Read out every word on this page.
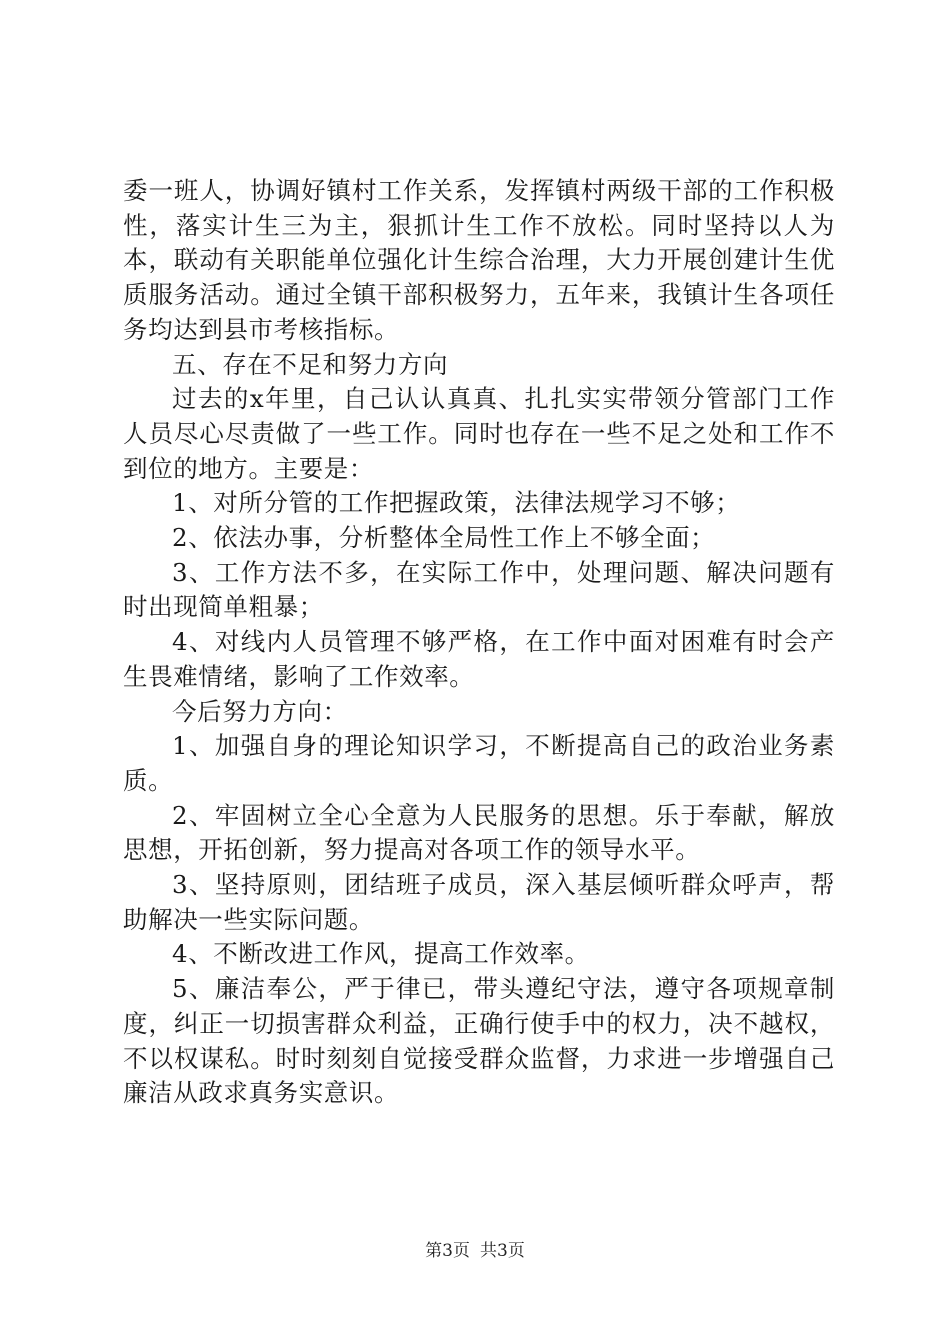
委一班人，协调好镇村工作关系，发挥镇村两级干部的工作积极性，落实计生三为主，狠抓计生工作不放松。同时坚持以人为本，联动有关职能单位强化计生综合治理，大力开展创建计生优质服务活动。通过全镇干部积极努力，五年来，我镇计生各项任务均达到县市考核指标。

五、存在不足和努力方向

过去的x年里，自己认认真真、扎扎实实带领分管部门工作人员尽心尽责做了一些工作。同时也存在一些不足之处和工作不到位的地方。主要是：

1、对所分管的工作把握政策，法律法规学习不够；

2、依法办事，分析整体全局性工作上不够全面；

3、工作方法不多，在实际工作中，处理问题、解决问题有时出现简单粗暴；

4、对线内人员管理不够严格，在工作中面对困难有时会产生畏难情绪，影响了工作效率。

今后努力方向：

1、加强自身的理论知识学习，不断提高自己的政治业务素质。

2、牢固树立全心全意为人民服务的思想。乐于奉献，解放思想，开拓创新，努力提高对各项工作的领导水平。

3、坚持原则，团结班子成员，深入基层倾听群众呼声，帮助解决一些实际问题。

4、不断改进工作风，提高工作效率。

5、廉洁奉公，严于律已，带头遵纪守法，遵守各项规章制度，纠正一切损害群众利益，正确行使手中的权力，决不越权，不以权谋私。时时刻刻自觉接受群众监督，力求进一步增强自己廉洁从政求真务实意识。

第3页 共3页
